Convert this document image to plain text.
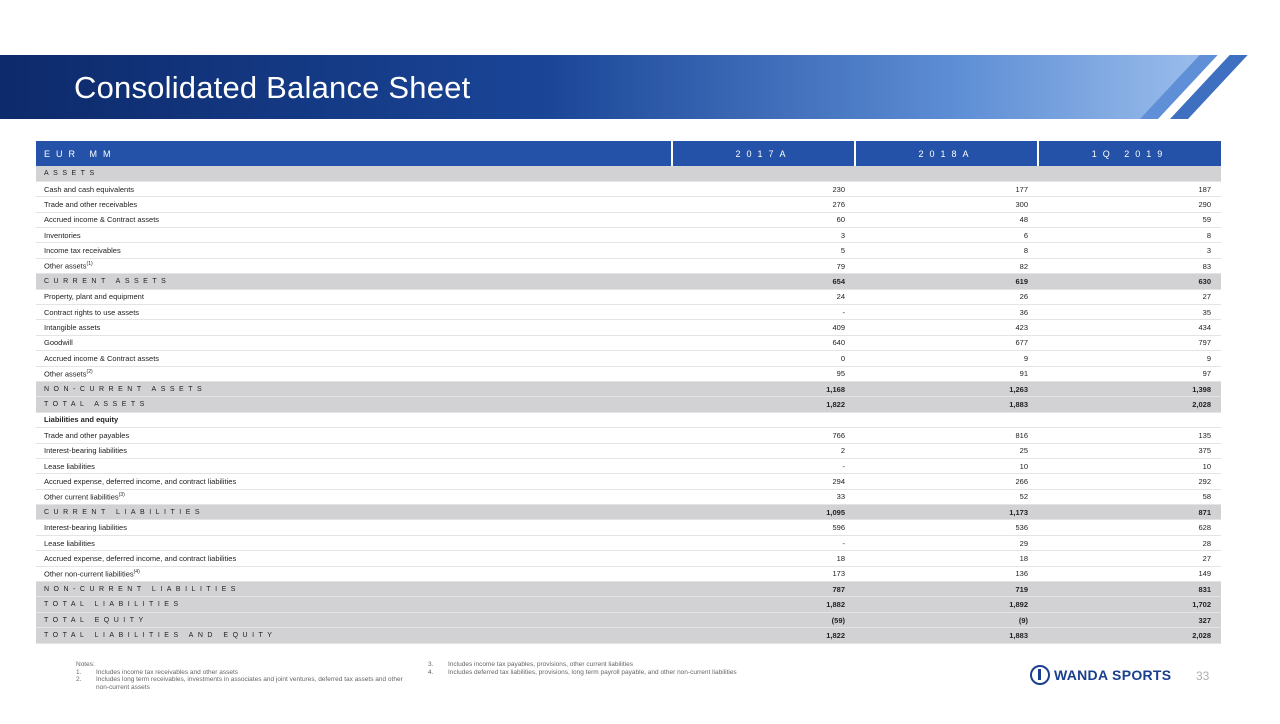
Consolidated Balance Sheet
EUR MM	2017A	2018A	1Q 2019
ASSETS			
Cash and cash equivalents	230	177	187
Trade and other receivables	276	300	290
Accrued income & Contract assets	60	48	59
Inventories	3	6	8
Income tax receivables	5	8	3
Other assets$^{(1)}$	79	82	83
CURRENT ASSETS	654	619	630
Property, plant and equipment	24	26	27
Contract rights to use assets	-	36	35
Intangible assets	409	423	434
Goodwill	640	677	797
Accrued income & Contract assets	0	9	9
Other assets$^{(2)}$	95	91	97
NON-CURRENT ASSETS	1,168	1,263	1,398
TOTAL ASSETS	1,822	1,883	2,028
Liabilities and equity			
Trade and other payables	766	816	135
Interest-bearing liabilities	2	25	375
Lease liabilities	-	10	10
Accrued expense, deferred income, and contract liabilities	294	266	292
Other current liabilities$^{(3)}$	33	52	58
CURRENT LIABILITIES	1,095	1,173	871
Interest-bearing liabilities	596	536	628
Lease liabilities	-	29	28
Accrued expense, deferred income, and contract liabilities	18	18	27
Other non-current liabilities$^{(4)}$	173	136	149
NON-CURRENT LIABILITIES	787	719	831
TOTAL LIABILITIES	1,882	1,892	1,702
TOTAL EQUITY	(59)	(9)	327
TOTAL LIABILITIES AND EQUITY	1,822	1,883	2,028
Notes:
1.	Includes income tax receivables and other assets
2.	Includes long term receivables, investments in associates and joint ventures, deferred tax assets and other non-current assets
3.	Includes income tax payables, provisions, other current liabilities
4.	Includes deferred tax liabilities, provisions, long term payroll payable, and other non-current liabilities	WANDA SPORTS 33
